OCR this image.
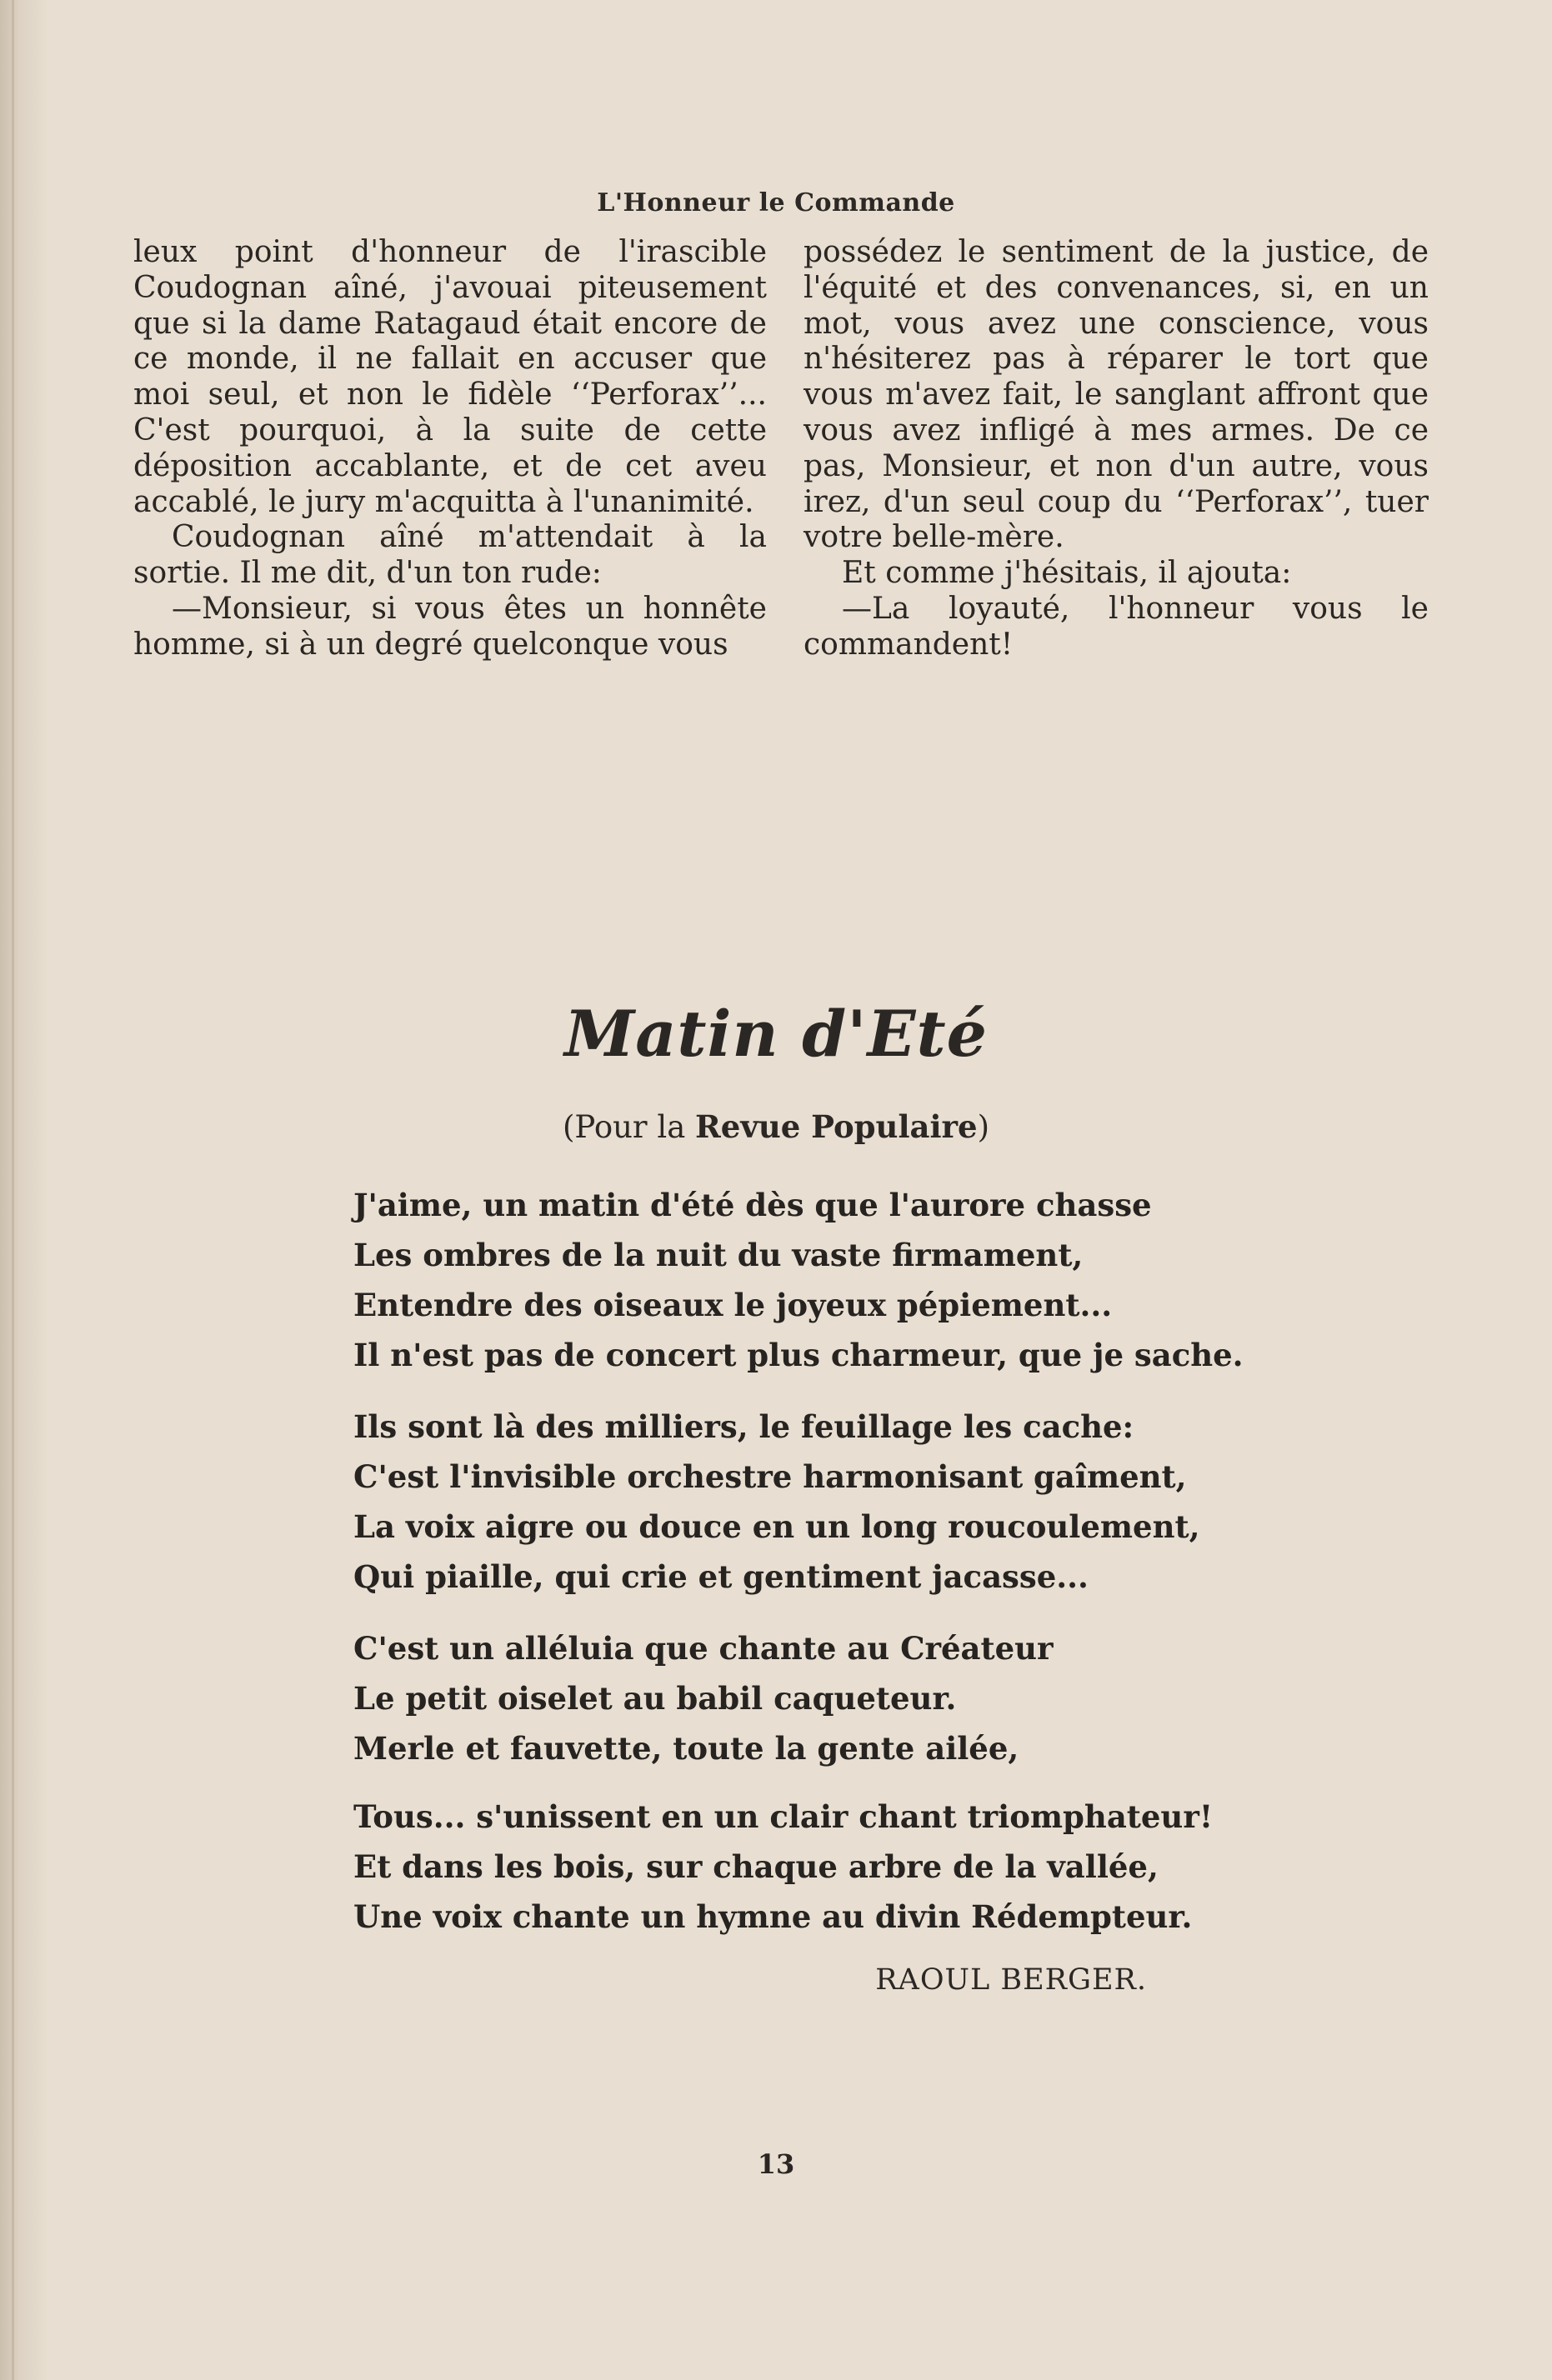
L'Honneur le Commande

leux point d'honneur de l'irascible Coudognan aîné, j'avouai piteusement que si la dame Ratagaud était encore de ce monde, il ne fallait en accuser que moi seul, et non le fidèle ‘‘Perforax’’... C'est pourquoi, à la suite de cette déposition accablante, et de cet aveu accablé, le jury m'acquitta à l'unanimité.

Coudognan aîné m'attendait à la sortie. Il me dit, d'un ton rude:

—Monsieur, si vous êtes un honnête homme, si à un degré quelconque vous

possédez le sentiment de la justice, de l'équité et des convenances, si, en un mot, vous avez une conscience, vous n'hésiterez pas à réparer le tort que vous m'avez fait, le sanglant affront que vous avez infligé à mes armes. De ce pas, Monsieur, et non d'un autre, vous irez, d'un seul coup du ‘‘Perforax’’, tuer votre belle-mère.

Et comme j'hésitais, il ajouta:

—La loyauté, l'honneur vous le commandent!

Matin d'Eté
(Pour la Revue Populaire)
J'aime, un matin d'été dès que l'aurore chasse
Les ombres de la nuit du vaste firmament,
Entendre des oiseaux le joyeux pépiement...
Il n'est pas de concert plus charmeur, que je sache.
Ils sont là des milliers, le feuillage les cache:
C'est l'invisible orchestre harmonisant gaîment,
La voix aigre ou douce en un long roucoulement,
Qui piaille, qui crie et gentiment jacasse...
C'est un alléluia que chante au Créateur
Le petit oiselet au babil caqueteur.
Merle et fauvette, toute la gente ailée,
Tous... s'unissent en un clair chant triomphateur!
Et dans les bois, sur chaque arbre de la vallée,
Une voix chante un hymne au divin Rédempteur.
RAOUL BERGER.
13
